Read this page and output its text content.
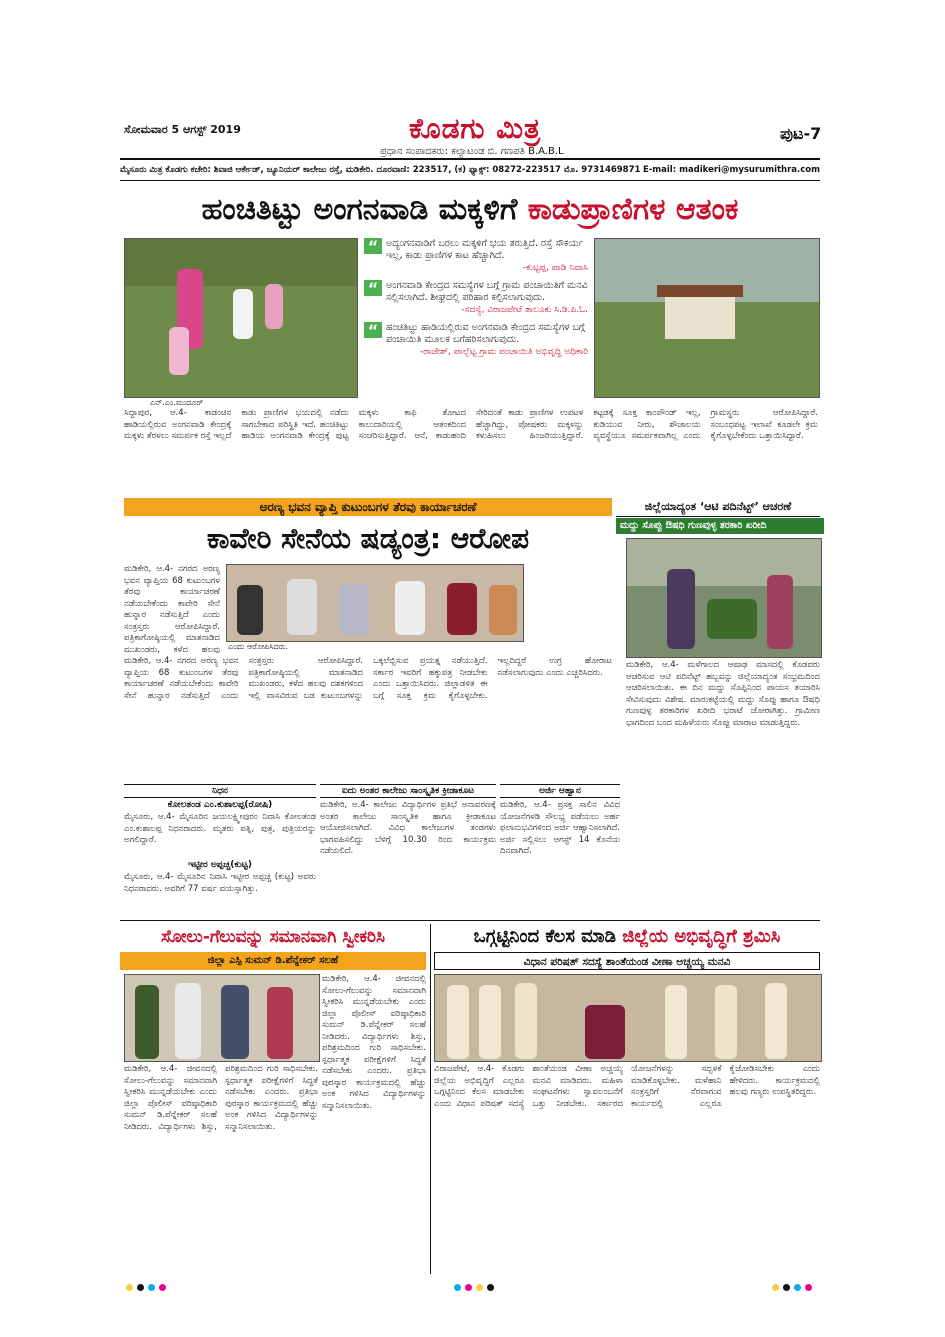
ಸೋಮವಾರ 5 ಆಗಸ್ಟ್ 2019	ಕೊಡಗು ಮಿತ್ರ
ಪ್ರಧಾನ ಸಂಪಾದಕರು: ಕಲ್ಯಾಟಂಡ ಬಿ. ಗಣಪತಿ B.A.B.L
ಪುಟ-7
ಮೈಸೂರು ಮಿತ್ರ ಕೊಡಗು ಕಚೇರಿ: ಶಿವಾಜಿ ಆರ್ಕೇಡ್, ಜ್ಯೂನಿಯರ್ ಕಾಲೇಜು ರಸ್ತೆ, ಮಡಿಕೇರಿ. ದೂರವಾಣಿ: 223517, (ಕ) ಫ್ಯಾಕ್ಸ್: 08272-223517 ಮೊ. 9731469871 E-mail: madikeri@mysurumithra.com
ಹಂಚಿತಿಟ್ಟು ಅಂಗನವಾಡಿ ಮಕ್ಕಳಿಗೆ ಕಾಡುಪ್ರಾಣಿಗಳ ಆತಂಕ
ಎನ್.ಎಂ.ಮುದೂರ್
“ ಅದ್ಯಂಗನವಾಡಿಗೆ ಬರಲು ಮಕ್ಕಳಿಗೆ ಭಯ ತರುತ್ತಿದೆ. ರಸ್ತೆ ಸೌಕರ್ಯ ಇಲ್ಲ, ಕಾಡು ಪ್ರಾಣಿಗಳ ಕಾಟ ಹೆಚ್ಚಾಗಿದೆ.
-ಕುಟ್ಟಪ್ಪ, ಪಾಡಿ ನಿವಾಸಿ
“ ಅಂಗನವಾಡಿ ಕೇಂದ್ರದ ಸಮಸ್ಯೆಗಳ ಬಗ್ಗೆ ಗ್ರಾಮ ಪಂಚಾಯಿತಿಗೆ ಮನವಿ ಸಲ್ಲಿಸಲಾಗಿದೆ. ಶೀಘ್ರದಲ್ಲಿ ಪರಿಹಾರ ಕಲ್ಪಿಸಲಾಗುವುದು.
-ಸದಸ್ಯೆ, ವಿರಾಜಪೇಟೆ ತಾಲೂಕು ಸಿ.ಡಿ.ಪಿ.ಓ.
“ ಹಂಚಿತಿಟ್ಟು ಹಾಡಿಯಲ್ಲಿರುವ ಅಂಗನವಾಡಿ ಕೇಂದ್ರದ ಸಮಸ್ಯೆಗಳ ಬಗ್ಗೆ ಪಂಚಾಯಿತಿ ಮೂಲಕ ಬಗೆಹರಿಸಲಾಗುವುದು.
-ರಾಜೇಶ್, ಪಾಲ್ಬೆಟ್ಟ ಗ್ರಾಮ ಪಂಚಾಯಿತಿ ಅಭಿವೃದ್ಧಿ ಅಧಿಕಾರಿ
ಸಿದ್ದಾಪುರ, ಆ.4- ಕಾಡಂಚಿನ ಹಾಡಿಯಲ್ಲಿರುವ ಅಂಗನವಾಡಿ ಕೇಂದ್ರಕ್ಕೆ ಮಕ್ಕಳು ತೆರಳಲು ಸಮರ್ಪಕ ರಸ್ತೆ ಇಲ್ಲದೆ ಕಾಡು ಪ್ರಾಣಿಗಳ ಭಯದಲ್ಲಿ ನಡೆದು ಸಾಗಬೇಕಾದ ಪರಿಸ್ಥಿತಿ ಇದೆ. ಹಂಚಿತಿಟ್ಟು ಹಾಡಿಯ ಅಂಗನವಾಡಿ ಕೇಂದ್ರಕ್ಕೆ ಪುಟ್ಟ ಮಕ್ಕಳು ಕಾಫಿ ತೋಟದ ಕಾಲುದಾರಿಯಲ್ಲಿ ಆತಂಕದಿಂದ ಸಂಚರಿಸುತ್ತಿದ್ದಾರೆ. ಆನೆ, ಕಾಡುಹಂದಿ ಸೇರಿದಂತೆ ಕಾಡು ಪ್ರಾಣಿಗಳ ಉಪಟಳ ಹೆಚ್ಚಾಗಿದ್ದು, ಪೋಷಕರು ಮಕ್ಕಳನ್ನು ಕಳುಹಿಸಲು ಹಿಂಜರಿಯುತ್ತಿದ್ದಾರೆ. ಕಟ್ಟಡಕ್ಕೆ ಸೂಕ್ತ ಕಾಂಪೌಂಡ್ ಇಲ್ಲ, ಕುಡಿಯುವ ನೀರು, ಶೌಚಾಲಯ ವ್ಯವಸ್ಥೆಯೂ ಸಮರ್ಪಕವಾಗಿಲ್ಲ ಎಂದು ಗ್ರಾಮಸ್ಥರು ಆರೋಪಿಸಿದ್ದಾರೆ. ಸಂಬಂಧಪಟ್ಟ ಇಲಾಖೆ ಕೂಡಲೇ ಕ್ರಮ ಕೈಗೊಳ್ಳಬೇಕೆಂದು ಒತ್ತಾಯಿಸಿದ್ದಾರೆ.
ಅರಣ್ಯ ಭವನ ವ್ಯಾಪ್ತಿ ಕುಟುಂಬಗಳ ತೆರವು ಕಾರ್ಯಾಚರಣೆ
ಕಾವೇರಿ ಸೇನೆಯ ಷಡ್ಯಂತ್ರ: ಆರೋಪ
ಮಡಿಕೇರಿ, ಆ.4- ನಗರದ ಅರಣ್ಯ ಭವನ ವ್ಯಾಪ್ತಿಯ 68 ಕುಟುಂಬಗಳ ತೆರವು ಕಾರ್ಯಾಚರಣೆ ನಡೆಯಬೇಕೆಂದು ಕಾವೇರಿ ಸೇನೆ ಹುನ್ನಾರ ನಡೆಸುತ್ತಿದೆ ಎಂದು ಸಂತ್ರಸ್ತರು ಆರೋಪಿಸಿದ್ದಾರೆ. ಪತ್ರಿಕಾಗೋಷ್ಠಿಯಲ್ಲಿ ಮಾತನಾಡಿದ ಮುಖಂಡರು, ಕಳೆದ ಹಲವು ಎಂದು ಆರೋಪಿಸಿದರು.
ಮಡಿಕೇರಿ, ಆ.4- ನಗರದ ಅರಣ್ಯ ಭವನ ವ್ಯಾಪ್ತಿಯ 68 ಕುಟುಂಬಗಳ ತೆರವು ಕಾರ್ಯಾಚರಣೆ ನಡೆಯಬೇಕೆಂದು ಕಾವೇರಿ ಸೇನೆ ಹುನ್ನಾರ ನಡೆಸುತ್ತಿದೆ ಎಂದು ಸಂತ್ರಸ್ತರು ಆರೋಪಿಸಿದ್ದಾರೆ. ಪತ್ರಿಕಾಗೋಷ್ಠಿಯಲ್ಲಿ ಮಾತನಾಡಿದ ಮುಖಂಡರು, ಕಳೆದ ಹಲವು ದಶಕಗಳಿಂದ ಇಲ್ಲಿ ವಾಸವಿರುವ ಬಡ ಕುಟುಂಬಗಳನ್ನು ಒಕ್ಕಲೆಬ್ಬಿಸುವ ಪ್ರಯತ್ನ ನಡೆಯುತ್ತಿದೆ. ಸರ್ಕಾರ ಇವರಿಗೆ ಹಕ್ಕುಪತ್ರ ನೀಡಬೇಕು ಎಂದು ಒತ್ತಾಯಿಸಿದರು. ಜಿಲ್ಲಾಡಳಿತ ಈ ಬಗ್ಗೆ ಸೂಕ್ತ ಕ್ರಮ ಕೈಗೊಳ್ಳಬೇಕು. ಇಲ್ಲದಿದ್ದರೆ ಉಗ್ರ ಹೋರಾಟ ನಡೆಸಲಾಗುವುದು ಎಂದು ಎಚ್ಚರಿಸಿದರು.
ಜಿಲ್ಲೆಯಾದ್ಯಂತ ‘ಆಟಿ ಪದಿನೆಟ್ಟ್’ ಆಚರಣೆ
ಮದ್ದು ಸೊಪ್ಪು ಔಷಧಿ ಗುಣವುಳ್ಳ ತರಕಾರಿ ಖರೀದಿ
ಮಡಿಕೇರಿ, ಆ.4- ಮಳೆಗಾಲದ ಆಷಾಢ ಮಾಸದಲ್ಲಿ ಕೊಡವರು ಆಚರಿಸುವ ಆಟಿ ಪದಿನೆಟ್ಟ್ ಹಬ್ಬವನ್ನು ಜಿಲ್ಲೆಯಾದ್ಯಂತ ಸಂಭ್ರಮದಿಂದ ಆಚರಿಸಲಾಯಿತು. ಈ ದಿನ ಮದ್ದು ಸೊಪ್ಪಿನಿಂದ ಪಾಯಸ ತಯಾರಿಸಿ ಸೇವಿಸುವುದು ವಿಶೇಷ. ಮಾರುಕಟ್ಟೆಯಲ್ಲಿ ಮದ್ದು ಸೊಪ್ಪು ಹಾಗೂ ಔಷಧಿ ಗುಣವುಳ್ಳ ತರಕಾರಿಗಳ ಖರೀದಿ ಭರಾಟೆ ಜೋರಾಗಿತ್ತು. ಗ್ರಾಮೀಣ ಭಾಗದಿಂದ ಬಂದ ಮಹಿಳೆಯರು ಸೊಪ್ಪು ಮಾರಾಟ ಮಾಡುತ್ತಿದ್ದರು.
ನಿಧನ
ಕೋಲತಂಡ ಎಂ.ಕುಶಾಲಪ್ಪ(ರೋಷಿ)
ಮೈಸೂರು, ಆ.4- ಮೈಸೂರಿನ ಜಯಲಕ್ಷ್ಮೀಪುರಂ ನಿವಾಸಿ ಕೋಲತಂಡ ಎಂ.ಕುಶಾಲಪ್ಪ ನಿಧನರಾದರು. ಮೃತರು ಪತ್ನಿ, ಪುತ್ರ, ಪುತ್ರಿಯರನ್ನು ಅಗಲಿದ್ದಾರೆ.
ಇಟ್ಟೀರ ಅಪ್ಪಚ್ಚ(ಕುಟ್ಟ)
ಮೈಸೂರು, ಆ.4- ಮೈಸೂರಿನ ನಿವಾಸಿ ಇಟ್ಟೀರ ಅಪ್ಪಚ್ಚ (ಕುಟ್ಟ) ಅವರು ನಿಧನರಾದರು. ಅವರಿಗೆ 77 ವರ್ಷ ವಯಸ್ಸಾಗಿತ್ತು.
ಐದು ಅಂತರ ಕಾಲೇಜು ಸಾಂಸ್ಕೃತಿಕ ಕ್ರೀಡಾಕೂಟ
ಮಡಿಕೇರಿ, ಆ.4- ಕಾಲೇಜು ವಿದ್ಯಾರ್ಥಿಗಳ ಪ್ರತಿಭೆ ಅನಾವರಣಕ್ಕೆ ಅಂತರ ಕಾಲೇಜು ಸಾಂಸ್ಕೃತಿಕ ಹಾಗೂ ಕ್ರೀಡಾಕೂಟ ಆಯೋಜಿಸಲಾಗಿದೆ. ವಿವಿಧ ಕಾಲೇಜುಗಳ ತಂಡಗಳು ಭಾಗವಹಿಸಲಿದ್ದು ಬೆಳಿಗ್ಗೆ 10.30 ರಿಂದ ಕಾರ್ಯಕ್ರಮ ನಡೆಯಲಿದೆ.
ಅರ್ಜಿ ಆಹ್ವಾನ
ಮಡಿಕೇರಿ, ಆ.4- ಪ್ರಸಕ್ತ ಸಾಲಿನ ವಿವಿಧ ಯೋಜನೆಗಳಡಿ ಸೌಲಭ್ಯ ಪಡೆಯಲು ಅರ್ಹ ಫಲಾನುಭವಿಗಳಿಂದ ಅರ್ಜಿ ಆಹ್ವಾನಿಸಲಾಗಿದೆ. ಅರ್ಜಿ ಸಲ್ಲಿಸಲು ಆಗಸ್ಟ್ 14 ಕೊನೆಯ ದಿನವಾಗಿದೆ.
ಸೋಲು-ಗೆಲುವನ್ನು ಸಮಾನವಾಗಿ ಸ್ವೀಕರಿಸಿ
ಜಿಲ್ಲಾ ಎಸ್ಪಿ ಸುಮನ್ ಡಿ.ಪೆನ್ನೇಕರ್ ಸಲಹೆ
ಮಡಿಕೇರಿ, ಆ.4- ಜೀವನದಲ್ಲಿ ಸೋಲು-ಗೆಲುವನ್ನು ಸಮಾನವಾಗಿ ಸ್ವೀಕರಿಸಿ ಮುನ್ನಡೆಯಬೇಕು ಎಂದು ಜಿಲ್ಲಾ ಪೊಲೀಸ್ ವರಿಷ್ಠಾಧಿಕಾರಿ ಸುಮನ್ ಡಿ.ಪೆನ್ನೇಕರ್ ಸಲಹೆ ನೀಡಿದರು. ವಿದ್ಯಾರ್ಥಿಗಳು ಶಿಸ್ತು, ಪರಿಶ್ರಮದಿಂದ ಗುರಿ ಸಾಧಿಸಬೇಕು. ಸ್ಪರ್ಧಾತ್ಮಕ ಪರೀಕ್ಷೆಗಳಿಗೆ ಸಿದ್ಧತೆ ನಡೆಸಬೇಕು ಎಂದರು. ಪ್ರತಿಭಾ ಪುರಸ್ಕಾರ ಕಾರ್ಯಕ್ರಮದಲ್ಲಿ ಹೆಚ್ಚು ಅಂಕ ಗಳಿಸಿದ ವಿದ್ಯಾರ್ಥಿಗಳನ್ನು ಸನ್ಮಾನಿಸಲಾಯಿತು.
ಮಡಿಕೇರಿ, ಆ.4- ಜೀವನದಲ್ಲಿ ಸೋಲು-ಗೆಲುವನ್ನು ಸಮಾನವಾಗಿ ಸ್ವೀಕರಿಸಿ ಮುನ್ನಡೆಯಬೇಕು ಎಂದು ಜಿಲ್ಲಾ ಪೊಲೀಸ್ ವರಿಷ್ಠಾಧಿಕಾರಿ ಸುಮನ್ ಡಿ.ಪೆನ್ನೇಕರ್ ಸಲಹೆ ನೀಡಿದರು. ವಿದ್ಯಾರ್ಥಿಗಳು ಶಿಸ್ತು, ಪರಿಶ್ರಮದಿಂದ ಗುರಿ ಸಾಧಿಸಬೇಕು. ಸ್ಪರ್ಧಾತ್ಮಕ ಪರೀಕ್ಷೆಗಳಿಗೆ ಸಿದ್ಧತೆ ನಡೆಸಬೇಕು ಎಂದರು. ಪ್ರತಿಭಾ ಪುರಸ್ಕಾರ ಕಾರ್ಯಕ್ರಮದಲ್ಲಿ ಹೆಚ್ಚು ಅಂಕ ಗಳಿಸಿದ ವಿದ್ಯಾರ್ಥಿಗಳನ್ನು ಸನ್ಮಾನಿಸಲಾಯಿತು.
ಒಗ್ಗಟ್ಟಿನಿಂದ ಕೆಲಸ ಮಾಡಿ ಜಿಲ್ಲೆಯ ಅಭಿವೃದ್ಧಿಗೆ ಶ್ರಮಿಸಿ
ವಿಧಾನ ಪರಿಷತ್ ಸದಸ್ಯೆ ಶಾಂತೆಯಂಡ ವೀಣಾ ಅಚ್ಚಯ್ಯ ಮನವಿ
ವಿರಾಜಪೇಟೆ, ಆ.4- ಕೊಡಗು ಜಿಲ್ಲೆಯ ಅಭಿವೃದ್ಧಿಗೆ ಎಲ್ಲರೂ ಒಗ್ಗಟ್ಟಿನಿಂದ ಕೆಲಸ ಮಾಡಬೇಕು ಎಂದು ವಿಧಾನ ಪರಿಷತ್ ಸದಸ್ಯೆ ಶಾಂತೆಯಂಡ ವೀಣಾ ಅಚ್ಚಯ್ಯ ಮನವಿ ಮಾಡಿದರು. ಮಹಿಳಾ ಸಂಘಟನೆಗಳು ಸ್ವಾವಲಂಬನೆಗೆ ಒತ್ತು ನೀಡಬೇಕು. ಸರ್ಕಾರದ ಯೋಜನೆಗಳನ್ನು ಸದ್ಬಳಕೆ ಮಾಡಿಕೊಳ್ಳಬೇಕು. ಮಳೆಹಾನಿ ಸಂತ್ರಸ್ತರಿಗೆ ನೆರವಾಗುವ ಕಾರ್ಯದಲ್ಲಿ ಎಲ್ಲರೂ ಕೈಜೋಡಿಸಬೇಕು ಎಂದು ಹೇಳಿದರು. ಕಾರ್ಯಕ್ರಮದಲ್ಲಿ ಹಲವು ಗಣ್ಯರು ಉಪಸ್ಥಿತರಿದ್ದರು.
